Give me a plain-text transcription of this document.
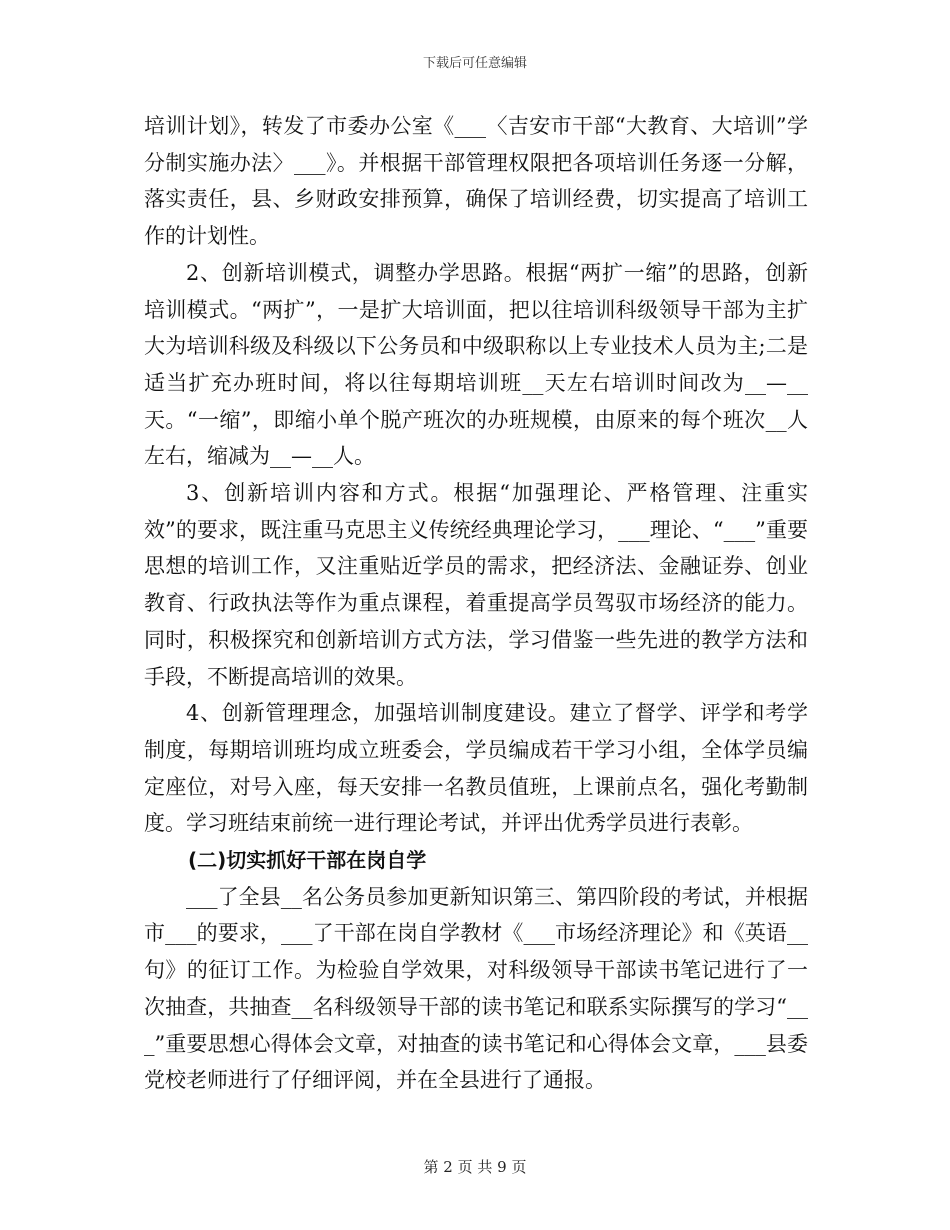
下载后可任意编辑

培训计划》，转发了市委办公室《___〈吉安市干部“大教育、大培训”学分制实施办法〉___》。并根据干部管理权限把各项培训任务逐一分解，落实责任，县、乡财政安排预算，确保了培训经费，切实提高了培训工作的计划性。

2、创新培训模式，调整办学思路。根据“两扩一缩”的思路，创新培训模式。“两扩”，一是扩大培训面，把以往培训科级领导干部为主扩大为培训科级及科级以下公务员和中级职称以上专业技术人员为主;二是适当扩充办班时间，将以往每期培训班__天左右培训时间改为__—__天。“一缩”，即缩小单个脱产班次的办班规模，由原来的每个班次__人左右，缩减为__—__人。

3、创新培训内容和方式。根据“加强理论、严格管理、注重实效”的要求，既注重马克思主义传统经典理论学习，___理论、“___”重要思想的培训工作，又注重贴近学员的需求，把经济法、金融证券、创业教育、行政执法等作为重点课程，着重提高学员驾驭市场经济的能力。同时，积极探究和创新培训方式方法，学习借鉴一些先进的教学方法和手段，不断提高培训的效果。

4、创新管理理念，加强培训制度建设。建立了督学、评学和考学制度，每期培训班均成立班委会，学员编成若干学习小组，全体学员编定座位，对号入座，每天安排一名教员值班，上课前点名，强化考勤制度。学习班结束前统一进行理论考试，并评出优秀学员进行表彰。

(二)切实抓好干部在岗自学

___了全县__名公务员参加更新知识第三、第四阶段的考试，并根据市___的要求，___了干部在岗自学教材《___市场经济理论》和《英语__句》的征订工作。为检验自学效果，对科级领导干部读书笔记进行了一次抽查，共抽查__名科级领导干部的读书笔记和联系实际撰写的学习“___”重要思想心得体会文章，对抽查的读书笔记和心得体会文章，___县委党校老师进行了仔细评阅，并在全县进行了通报。

第 2 页 共 9 页
